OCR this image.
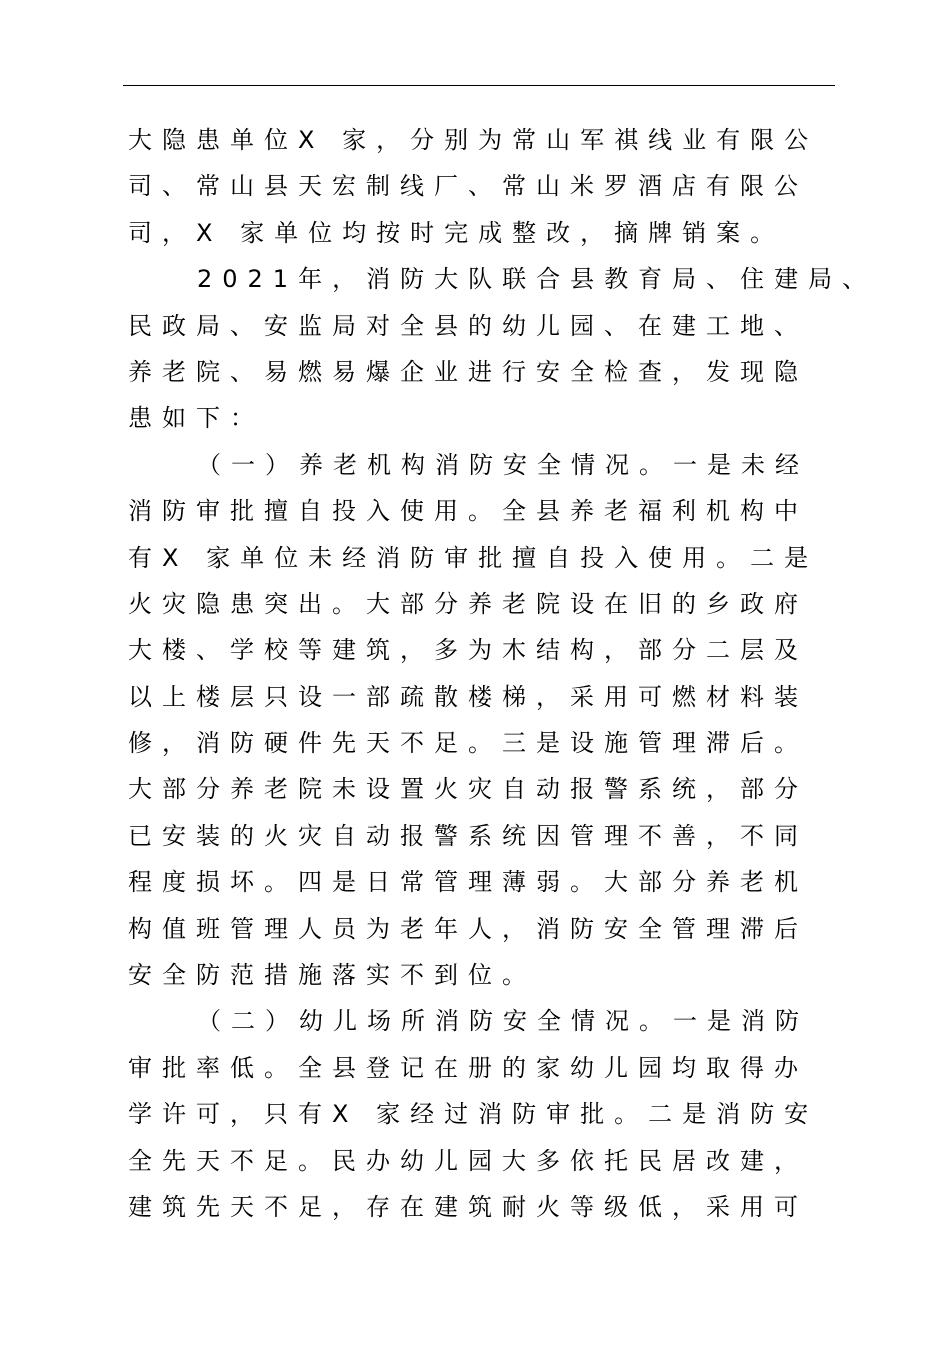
大隐患单位X 家，分别为常山军祺线业有限公
司、常山县天宏制线厂、常山米罗酒店有限公
司，X 家单位均按时完成整改，摘牌销案。
2021年，消防大队联合县教育局、住建局、
民政局、安监局对全县的幼儿园、在建工地、
养老院、易燃易爆企业进行安全检查，发现隐
患如下：
（一）养老机构消防安全情况。一是未经
消防审批擅自投入使用。全县养老福利机构中
有X 家单位未经消防审批擅自投入使用。二是
火灾隐患突出。大部分养老院设在旧的乡政府
大楼、学校等建筑，多为木结构，部分二层及
以上楼层只设一部疏散楼梯，采用可燃材料装
修，消防硬件先天不足。三是设施管理滞后。
大部分养老院未设置火灾自动报警系统，部分
已安装的火灾自动报警系统因管理不善，不同
程度损坏。四是日常管理薄弱。大部分养老机
构值班管理人员为老年人，消防安全管理滞后
安全防范措施落实不到位。
（二）幼儿场所消防安全情况。一是消防
审批率低。全县登记在册的家幼儿园均取得办
学许可，只有X 家经过消防审批。二是消防安
全先天不足。民办幼儿园大多依托民居改建，
建筑先天不足，存在建筑耐火等级低，采用可
